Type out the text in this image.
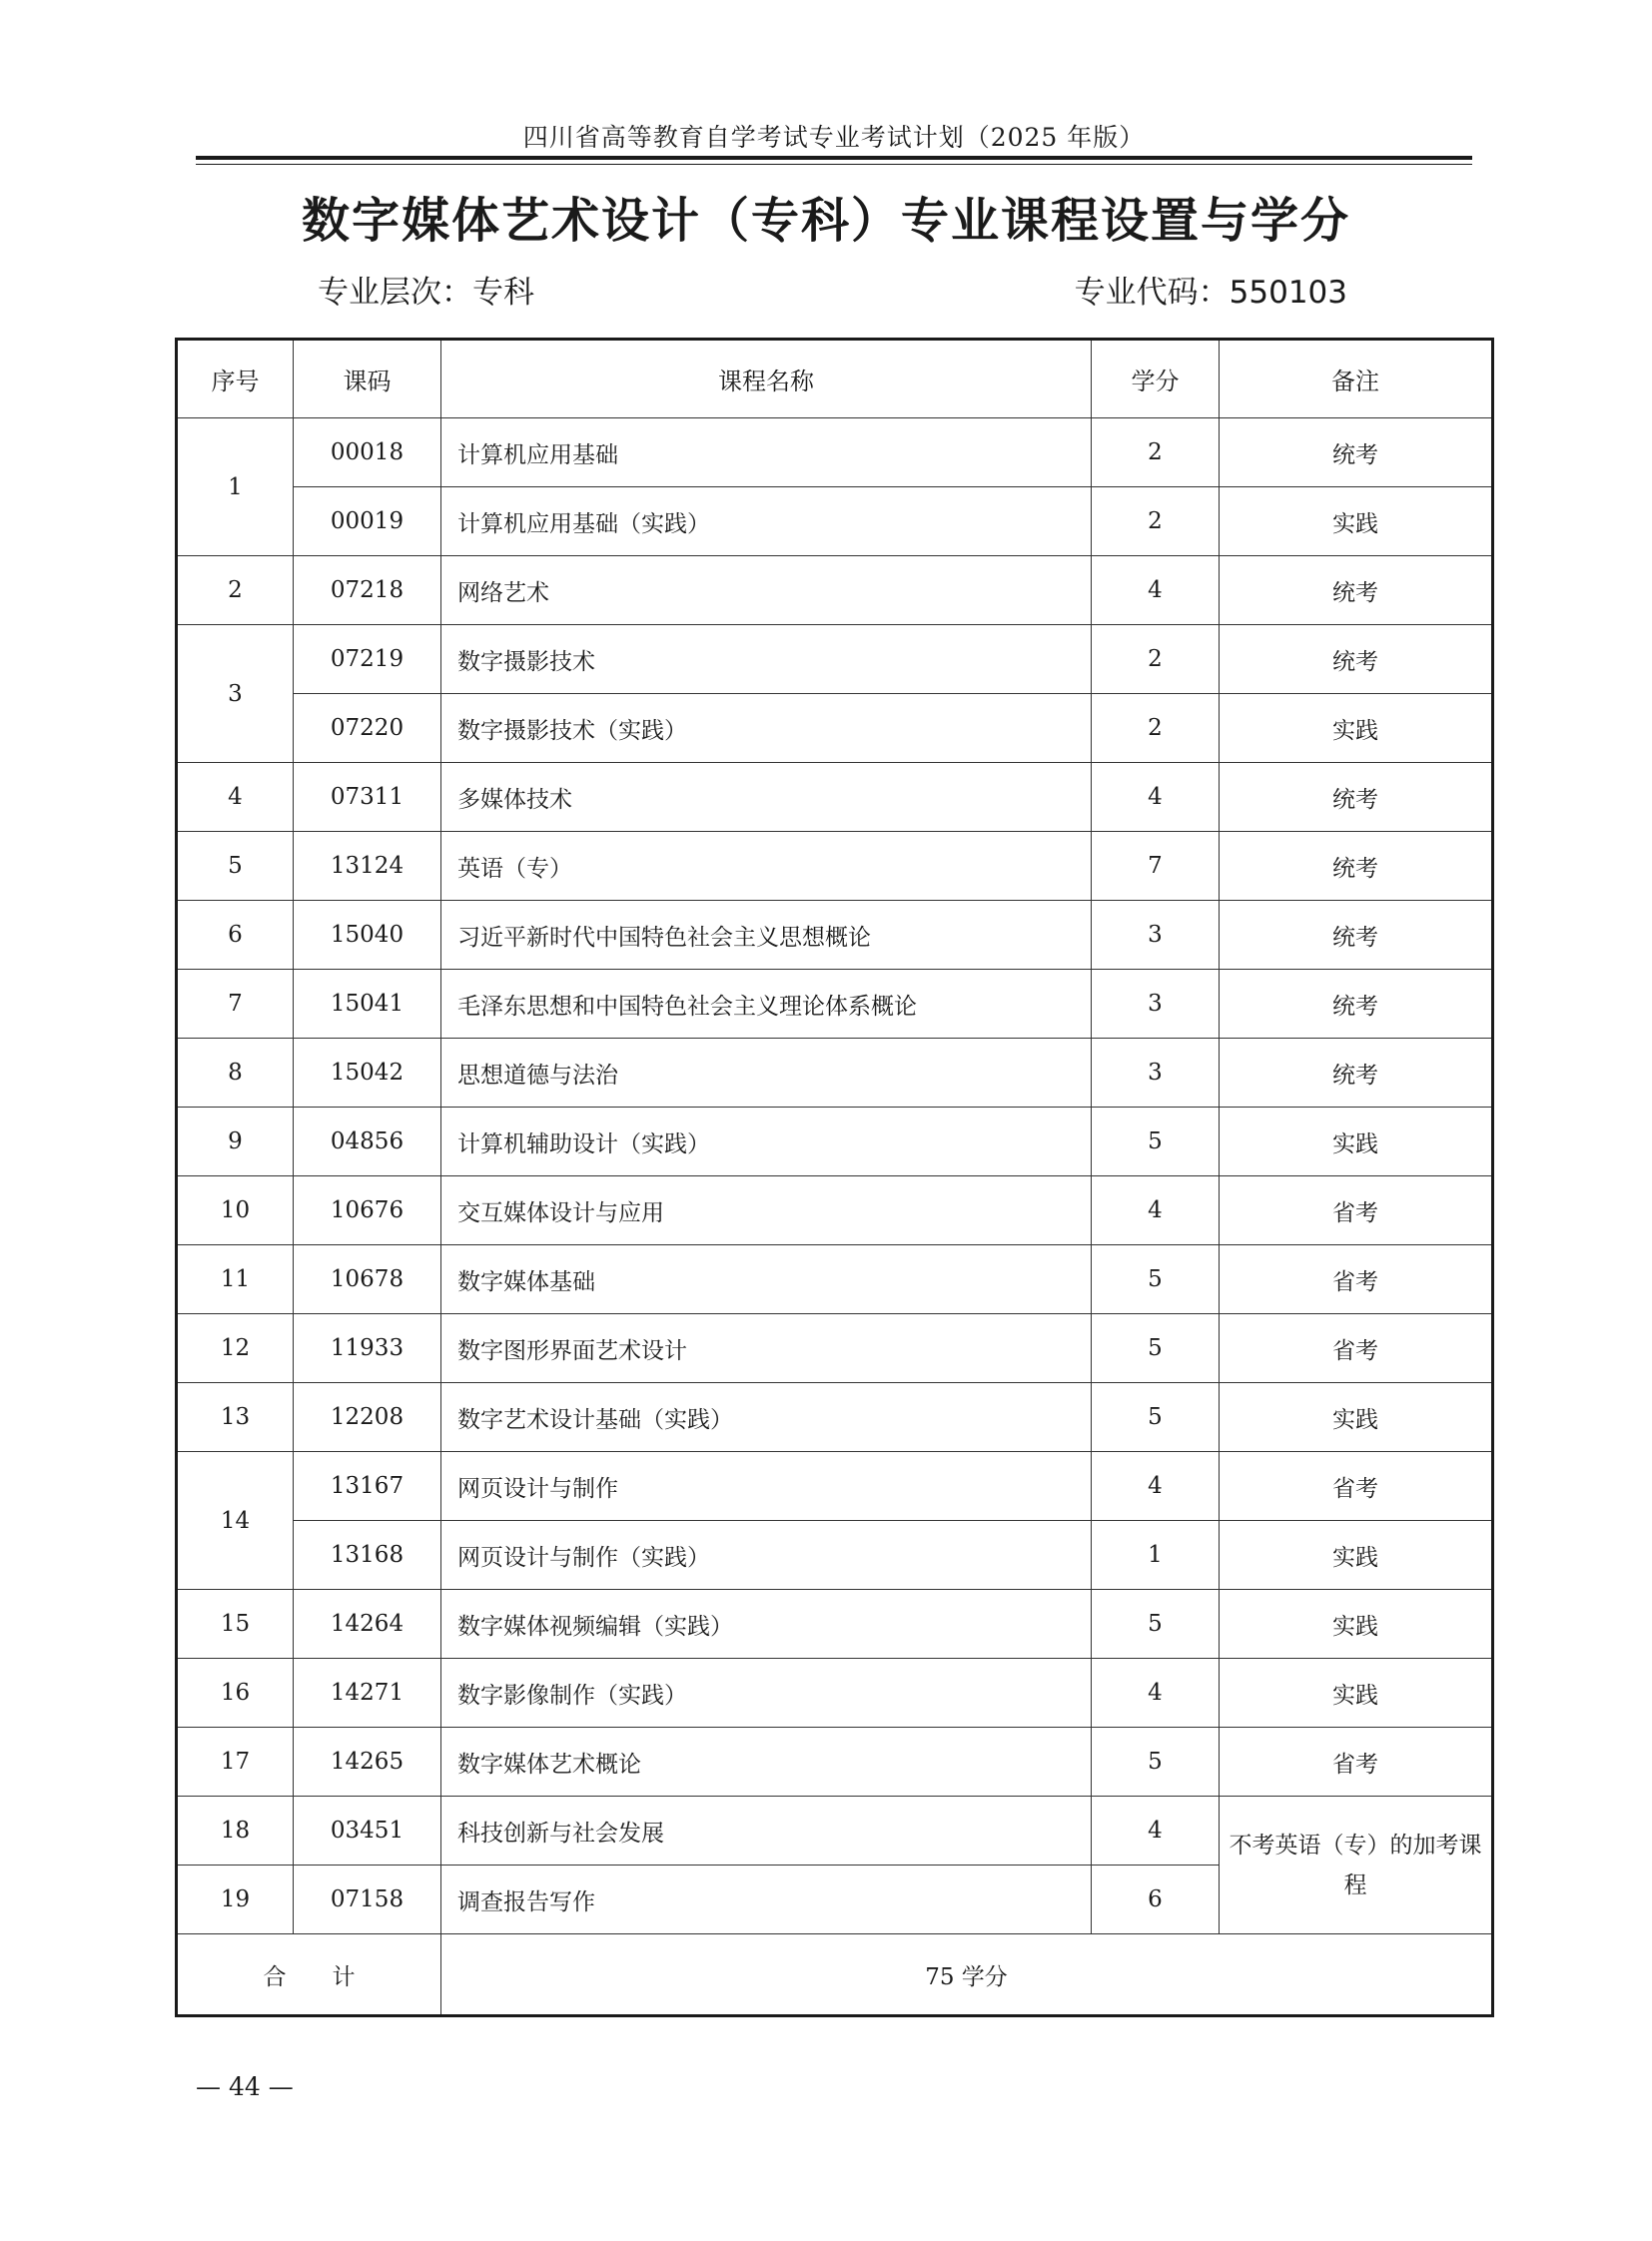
四川省高等教育自学考试专业考试计划（2025 年版）
数字媒体艺术设计（专科）专业课程设置与学分
专业层次：专科	专业代码：550103
序号	课码	课程名称	学分	备注
1	00018	计算机应用基础	2	统考
	00019	计算机应用基础（实践）	2	实践
2	07218	网络艺术	4	统考
3	07219	数字摄影技术	2	统考
	07220	数字摄影技术（实践）	2	实践
4	07311	多媒体技术	4	统考
5	13124	英语（专）	7	统考
6	15040	习近平新时代中国特色社会主义思想概论	3	统考
7	15041	毛泽东思想和中国特色社会主义理论体系概论	3	统考
8	15042	思想道德与法治	3	统考
9	04856	计算机辅助设计（实践）	5	实践
10	10676	交互媒体设计与应用	4	省考
11	10678	数字媒体基础	5	省考
12	11933	数字图形界面艺术设计	5	省考
13	12208	数字艺术设计基础（实践）	5	实践
14	13167	网页设计与制作	4	省考
	13168	网页设计与制作（实践）	1	实践
15	14264	数字媒体视频编辑（实践）	5	实践
16	14271	数字影像制作（实践）	4	实践
17	14265	数字媒体艺术概论	5	省考
18	03451	科技创新与社会发展	4	不考英语（专）的加考课程
19	07158	调查报告写作	6	
合　　计		75 学分		
— 44 —
